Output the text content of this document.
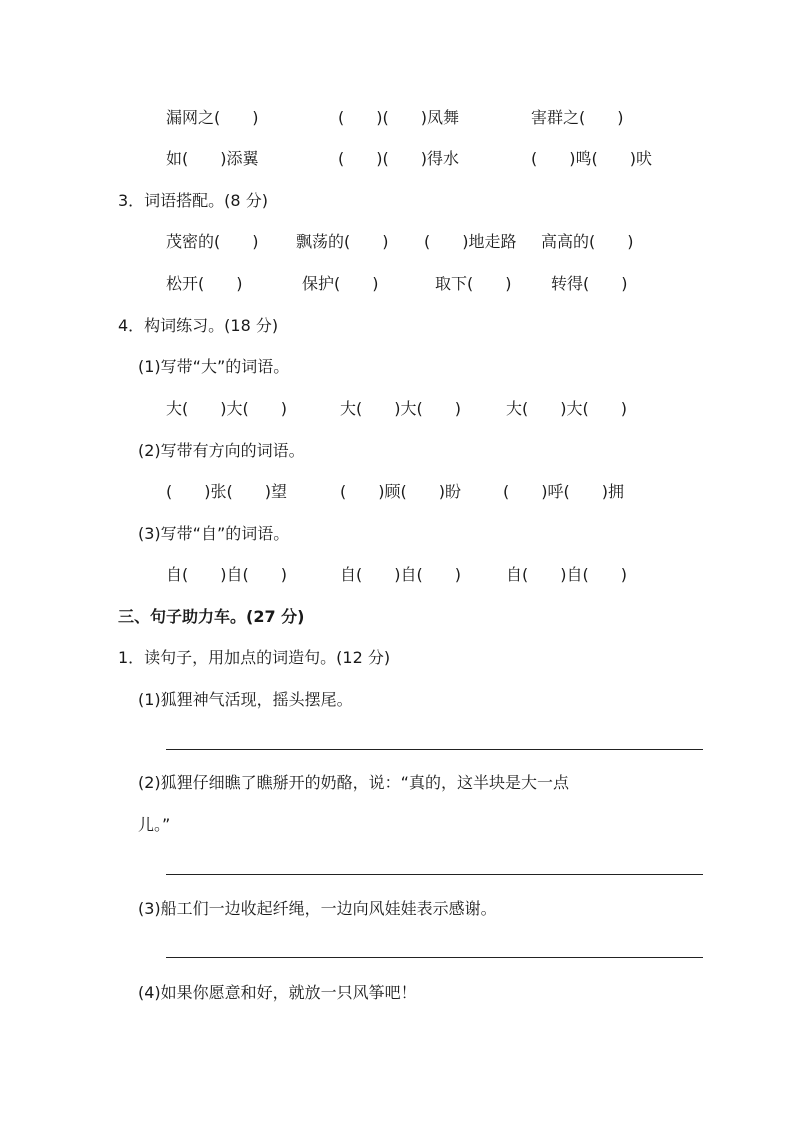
漏网之(　　)	(　　)(　　)凤舞	害群之(　　)
如(　　)添翼	(　　)(　　)得水	(　　)鸣(　　)吠
3．词语搭配。(8 分)
茂密的(　　) 飘荡的(　　) (　　)地走路 高高的(　　)
松开(　　)	保护(　　)	取下(　　) 转得(　　)
4．构词练习。(18 分)
(1)写带“大”的词语。
大(　　)大(　　)	大(　　)大(　　)	大(　　)大(　　)
(2)写带有方向的词语。
(　　)张(　　)望	(　　)顾(　　)盼	(　　)呼(　　)拥
(3)写带“自”的词语。
自(　　)自(　　)	自(　　)自(　　)	自(　　)自(　　)
三、句子助力车。(27 分)
1．读句子，用加点的词造句。(12 分)
(1)狐狸神气活现，摇头摆尾。
(2)狐狸仔细瞧了瞧掰开的奶酪，说：“真的，这半块是大一点
儿。”
(3)船工们一边收起纤绳，一边向风娃娃表示感谢。
(4)如果你愿意和好，就放一只风筝吧！
